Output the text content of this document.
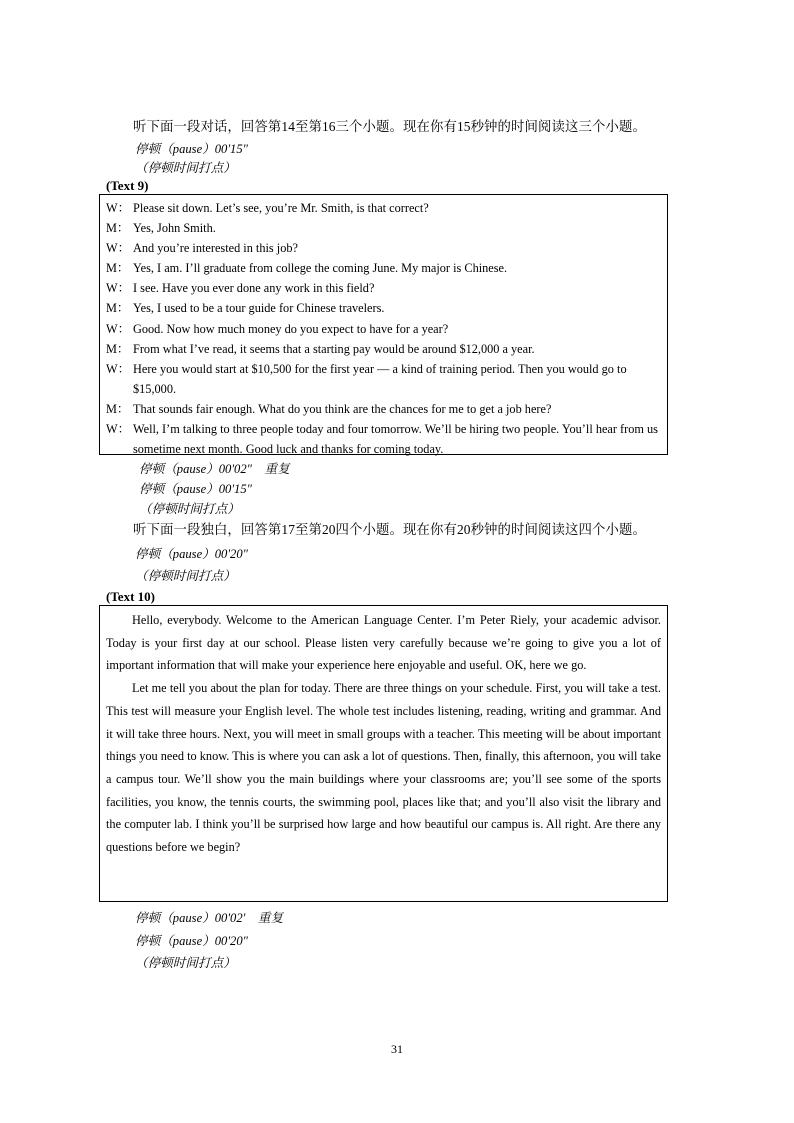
听下面一段对话，回答第14至第16三个小题。现在你有15秒钟的时间阅读这三个小题。
停顿（pause）00'15"
（停顿时间打点）
(Text 9)
W： Please sit down. Let’s see, you’re Mr. Smith, is that correct?
M： Yes, John Smith.
W： And you’re interested in this job?
M： Yes, I am. I’ll graduate from college the coming June. My major is Chinese.
W： I see. Have you ever done any work in this field?
M： Yes, I used to be a tour guide for Chinese travelers.
W： Good. Now how much money do you expect to have for a year?
M： From what I’ve read, it seems that a starting pay would be around $12,000 a year.
W： Here you would start at $10,500 for the first year — a kind of training period. Then you would go to $15,000.
M： That sounds fair enough. What do you think are the chances for me to get a job here?
W： Well, I’m talking to three people today and four tomorrow. We’ll be hiring two people. You’ll hear from us sometime next month. Good luck and thanks for coming today.
停顿（pause）00'02"　重复
停顿（pause）00'15"
（停顿时间打点）
听下面一段独白，回答第17至第20四个小题。现在你有20秒钟的时间阅读这四个小题。
停顿（pause）00'20"
（停顿时间打点）
(Text 10)

Hello, everybody. Welcome to the American Language Center. I’m Peter Riely, your academic advisor. Today is your first day at our school. Please listen very carefully because we’re going to give you a lot of important information that will make your experience here enjoyable and useful. OK, here we go.

Let me tell you about the plan for today. There are three things on your schedule. First, you will take a test. This test will measure your English level. The whole test includes listening, reading, writing and grammar. And it will take three hours. Next, you will meet in small groups with a teacher. This meeting will be about important things you need to know. This is where you can ask a lot of questions. Then, finally, this afternoon, you will take a campus tour. We’ll show you the main buildings where your classrooms are; you’ll see some of the sports facilities, you know, the tennis courts, the swimming pool, places like that; and you’ll also visit the library and the computer lab. I think you’ll be surprised how large and how beautiful our campus is. All right. Are there any questions before we begin?

停顿（pause）00'02'　重复
停顿（pause）00'20"
（停顿时间打点）
31
